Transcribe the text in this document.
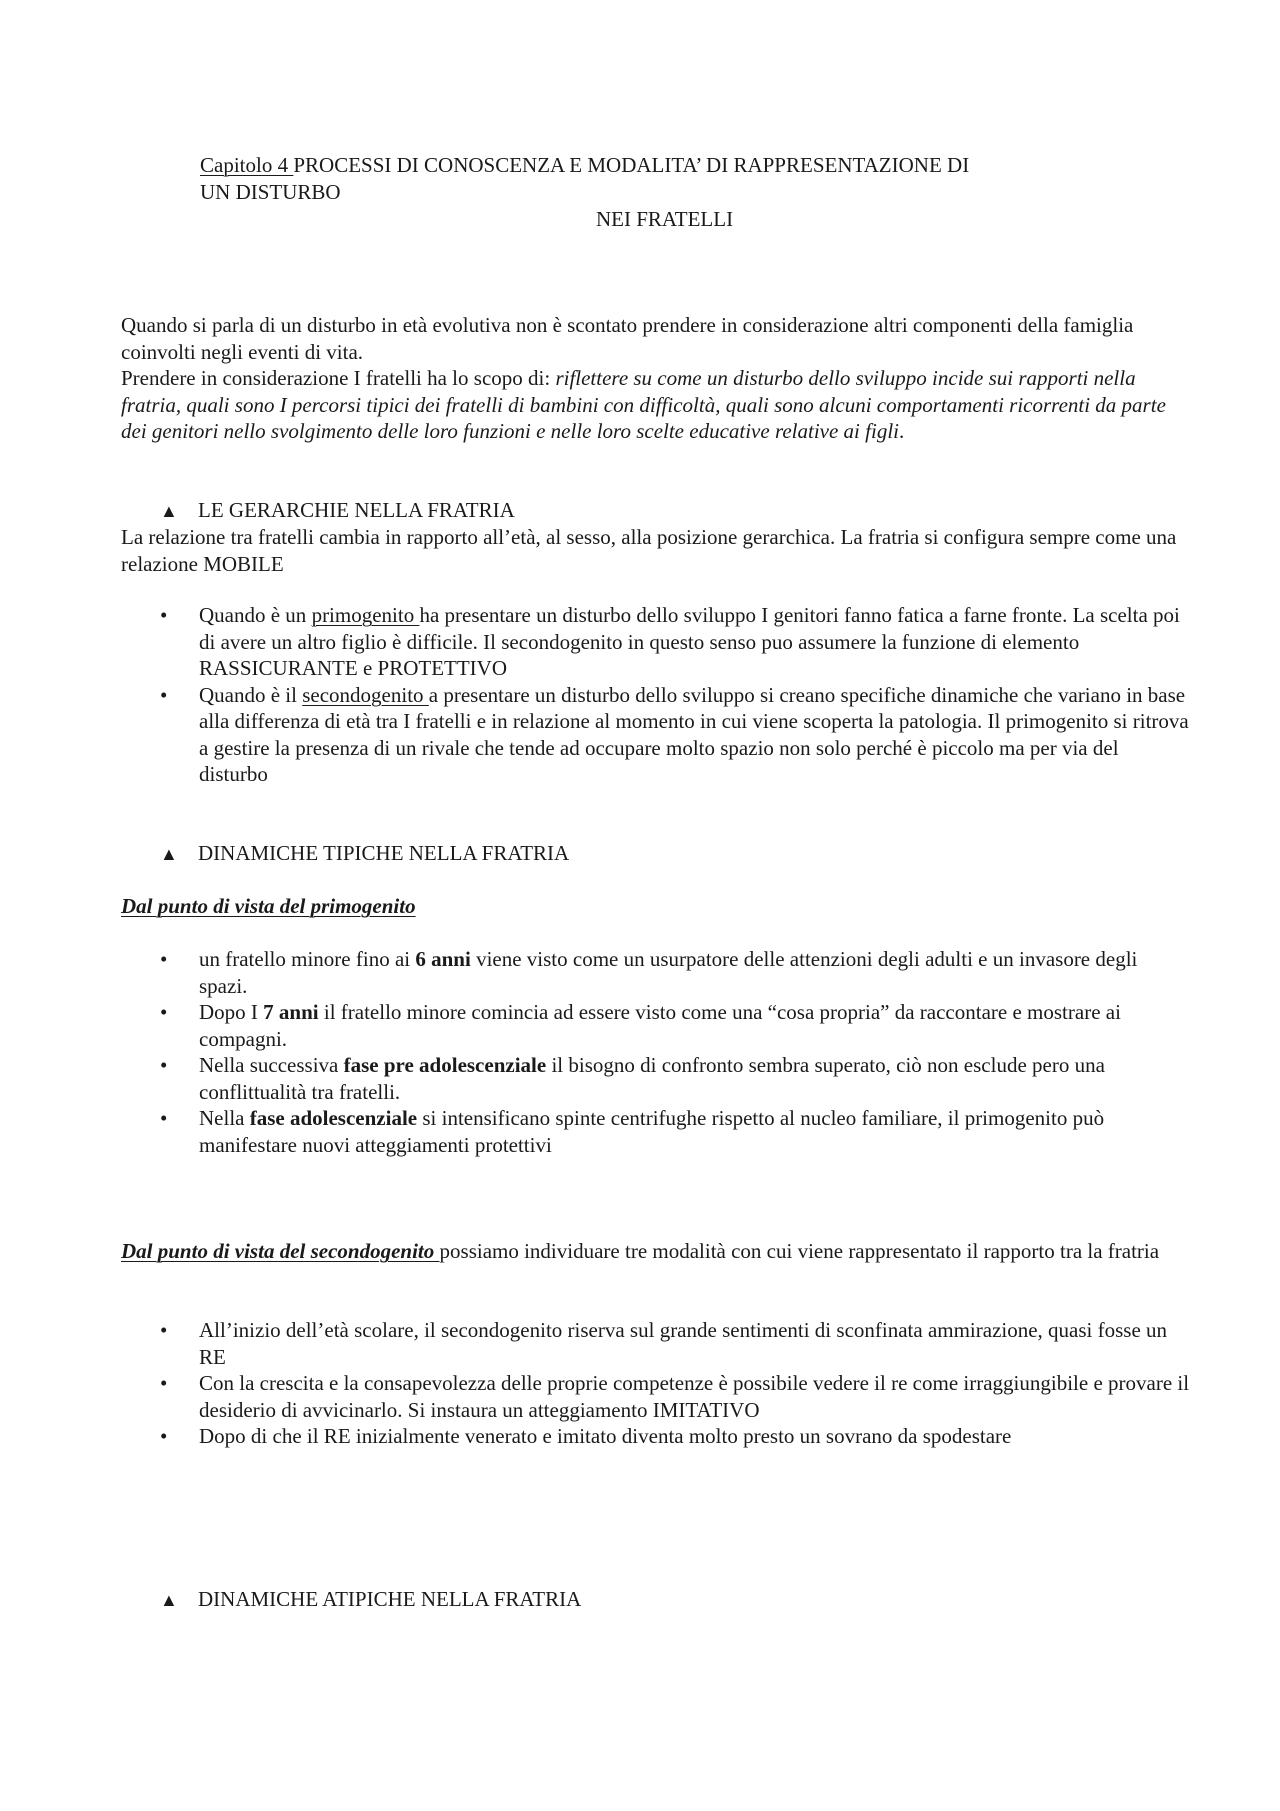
Capitolo 4 PROCESSI DI CONOSCENZA E MODALITA’ DI RAPPRESENTAZIONE DI
UN DISTURBO
NEI FRATELLI
Quando si parla di un disturbo in età evolutiva non è scontato prendere in considerazione altri componenti della famiglia coinvolti negli eventi di vita.
Prendere in considerazione I fratelli ha lo scopo di: riflettere su come un disturbo dello sviluppo incide sui rapporti nella fratria, quali sono I percorsi tipici dei fratelli di bambini con difficoltà, quali sono alcuni comportamenti ricorrenti da parte dei genitori nello svolgimento delle loro funzioni e nelle loro scelte educative relative ai figli.
▲ LE GERARCHIE NELLA FRATRIA
La relazione tra fratelli cambia in rapporto all’età, al sesso, alla posizione gerarchica. La fratria si configura sempre come una relazione MOBILE
• Quando è un primogenito ha presentare un disturbo dello sviluppo I genitori fanno fatica a farne fronte. La scelta poi di avere un altro figlio è difficile. Il secondogenito in questo senso puo assumere la funzione di elemento RASSICURANTE e PROTETTIVO
• Quando è il secondogenito a presentare un disturbo dello sviluppo si creano specifiche dinamiche che variano in base alla differenza di età tra I fratelli e in relazione al momento in cui viene scoperta la patologia. Il primogenito si ritrova a gestire la presenza di un rivale che tende ad occupare molto spazio non solo perché è piccolo ma per via del disturbo
▲ DINAMICHE TIPICHE NELLA FRATRIA
Dal punto di vista del primogenito
• un fratello minore fino ai 6 anni viene visto come un usurpatore delle attenzioni degli adulti e un invasore degli spazi.
• Dopo I 7 anni il fratello minore comincia ad essere visto come una “cosa propria” da raccontare e mostrare ai compagni.
• Nella successiva fase pre adolescenziale il bisogno di confronto sembra superato, ciò non esclude pero una conflittualità tra fratelli.
• Nella fase adolescenziale si intensificano spinte centrifughe rispetto al nucleo familiare, il primogenito può manifestare nuovi atteggiamenti protettivi
Dal punto di vista del secondogenito possiamo individuare tre modalità con cui viene rappresentato il rapporto tra la fratria
• All’inizio dell’età scolare, il secondogenito riserva sul grande sentimenti di sconfinata ammirazione, quasi fosse un RE
• Con la crescita e la consapevolezza delle proprie competenze è possibile vedere il re come irraggiungibile e provare il desiderio di avvicinarlo. Si instaura un atteggiamento IMITATIVO
• Dopo di che il RE inizialmente venerato e imitato diventa molto presto un sovrano da spodestare
▲ DINAMICHE ATIPICHE NELLA FRATRIA
